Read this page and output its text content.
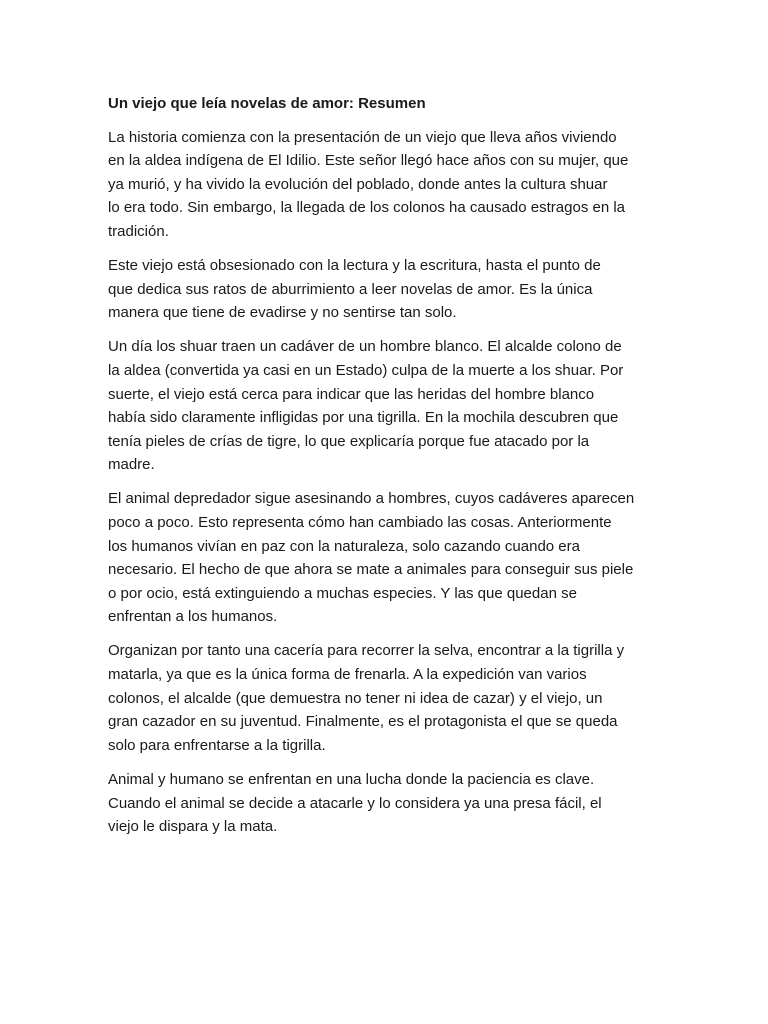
Un viejo que leía novelas de amor: Resumen

La historia comienza con la presentación de un viejo que lleva años viviendo
en la aldea indígena de El Idilio. Este señor llegó hace años con su mujer, que
ya murió, y ha vivido la evolución del poblado, donde antes la cultura shuar
lo era todo. Sin embargo, la llegada de los colonos ha causado estragos en la
tradición.

Este viejo está obsesionado con la lectura y la escritura, hasta el punto de
que dedica sus ratos de aburrimiento a leer novelas de amor. Es la única
manera que tiene de evadirse y no sentirse tan solo.

Un día los shuar traen un cadáver de un hombre blanco. El alcalde colono de
la aldea (convertida ya casi en un Estado) culpa de la muerte a los shuar. Por
suerte, el viejo está cerca para indicar que las heridas del hombre blanco
había sido claramente infligidas por una tigrilla. En la mochila descubren que
tenía pieles de crías de tigre, lo que explicaría porque fue atacado por la
madre.

El animal depredador sigue asesinando a hombres, cuyos cadáveres aparecen
poco a poco. Esto representa cómo han cambiado las cosas. Anteriormente
los humanos vivían en paz con la naturaleza, solo cazando cuando era
necesario. El hecho de que ahora se mate a animales para conseguir sus piele
o por ocio, está extinguiendo a muchas especies. Y las que quedan se
enfrentan a los humanos.

Organizan por tanto una cacería para recorrer la selva, encontrar a la tigrilla y
matarla, ya que es la única forma de frenarla. A la expedición van varios
colonos, el alcalde (que demuestra no tener ni idea de cazar) y el viejo, un
gran cazador en su juventud. Finalmente, es el protagonista el que se queda
solo para enfrentarse a la tigrilla.

Animal y humano se enfrentan en una lucha donde la paciencia es clave.
Cuando el animal se decide a atacarle y lo considera ya una presa fácil, el
viejo le dispara y la mata.
